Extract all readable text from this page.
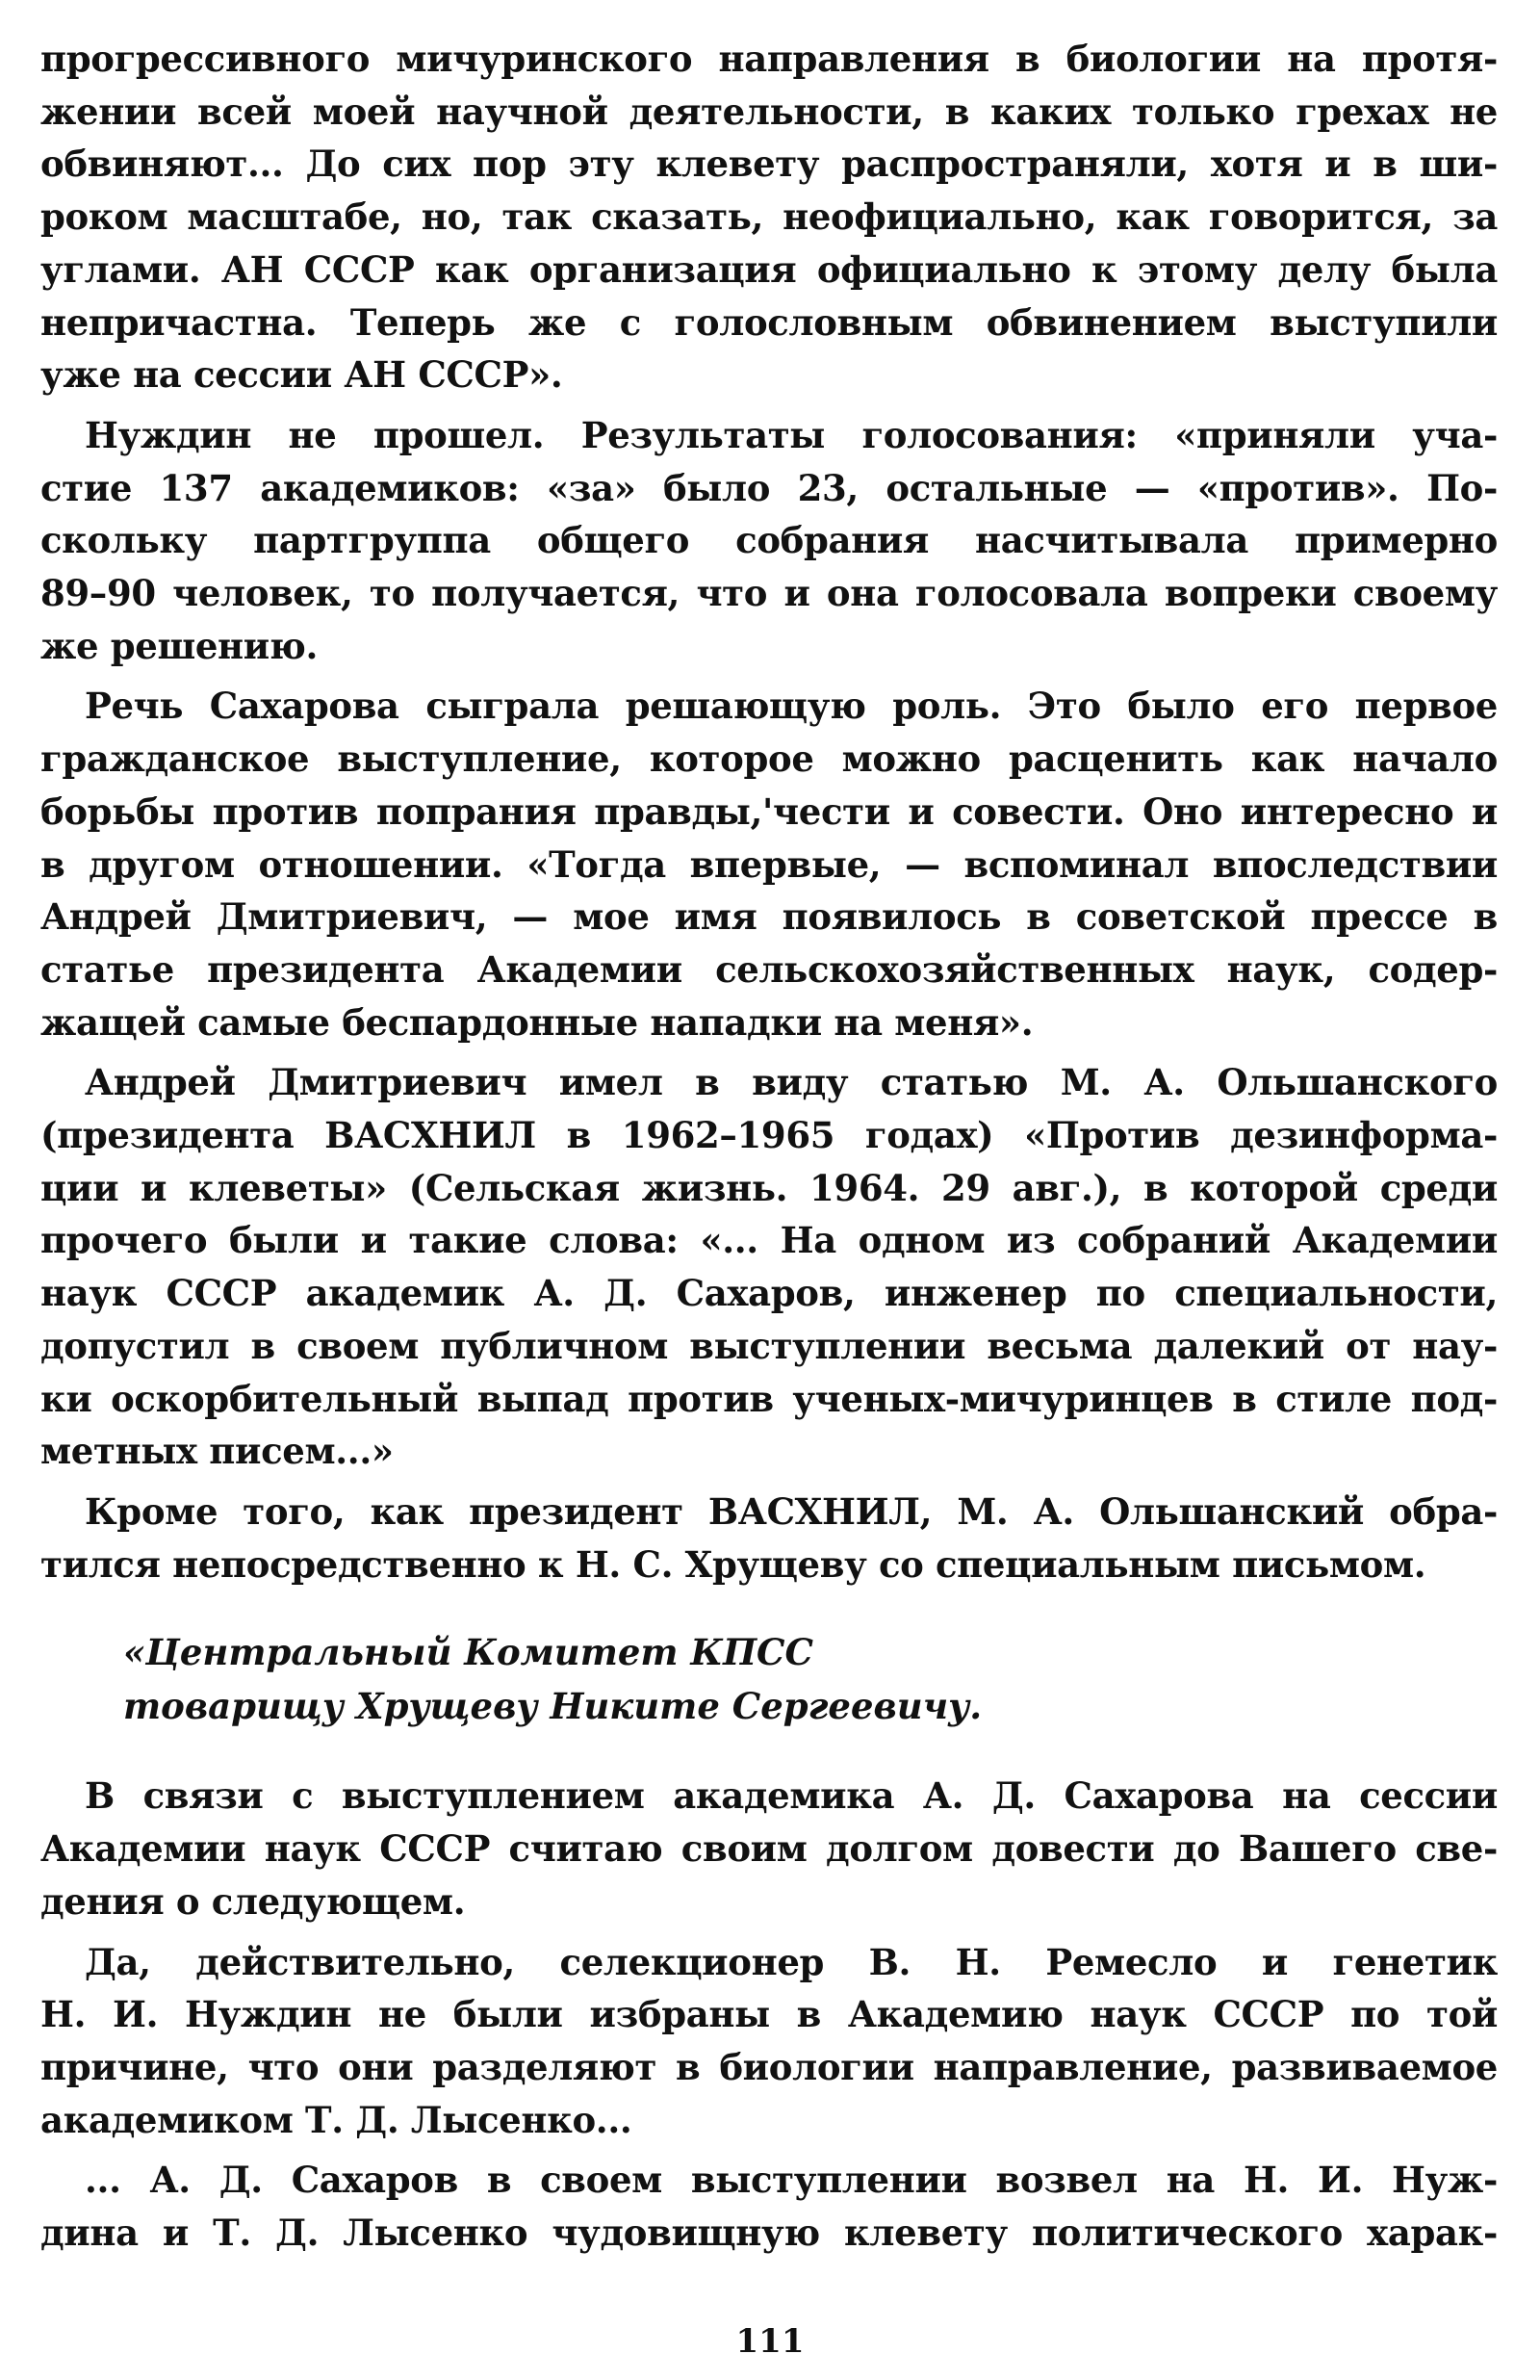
прогрессивного мичуринского направления в биологии на протя-
жении всей моей научной деятельности, в каких только грехах не
обвиняют... До сих пор эту клевету распространяли, хотя и в ши-
роком масштабе, но, так сказать, неофициально, как говорится, за
углами. АН СССР как организация официально к этому делу была
непричастна. Теперь же с голословным обвинением выступили
уже на сессии АН СССР».

Нуждин не прошел. Результаты голосования: «приняли уча-
стие 137 академиков: «за» было 23, остальные — «против». По-
скольку партгруппа общего собрания насчитывала примерно
89–90 человек, то получается, что и она голосовала вопреки своему
же решению.

Речь Сахарова сыграла решающую роль. Это было его первое
гражданское выступление, которое можно расценить как начало
борьбы против попрания правды,'чести и совести. Оно интересно и
в другом отношении. «Тогда впервые, — вспоминал впоследствии
Андрей Дмитриевич, — мое имя появилось в советской прессе в
статье президента Академии сельскохозяйственных наук, содер-
жащей самые беспардонные нападки на меня».

Андрей Дмитриевич имел в виду статью М. А. Ольшанского
(президента ВАСХНИЛ в 1962–1965 годах) «Против дезинформа-
ции и клеветы» (Сельская жизнь. 1964. 29 авг.), в которой среди
прочего были и такие слова: «... На одном из собраний Академии
наук СССР академик А. Д. Сахаров, инженер по специальности,
допустил в своем публичном выступлении весьма далекий от нау-
ки оскорбительный выпад против ученых-мичуринцев в стиле под-
метных писем...»

Кроме того, как президент ВАСХНИЛ, М. А. Ольшанский обра-
тился непосредственно к Н. С. Хрущеву со специальным письмом.

«Центральный Комитет КПСС
товарищу Хрущеву Никите Сергеевичу.

В связи с выступлением академика А. Д. Сахарова на сессии
Академии наук СССР считаю своим долгом довести до Вашего све-
дения о следующем.

Да, действительно, селекционер В. Н. Ремесло и генетик
Н. И. Нуждин не были избраны в Академию наук СССР по той
причине, что они разделяют в биологии направление, развиваемое
академиком Т. Д. Лысенко...

... А. Д. Сахаров в своем выступлении возвел на Н. И. Нуж-
дина и Т. Д. Лысенко чудовищную клевету политического харак-

111
